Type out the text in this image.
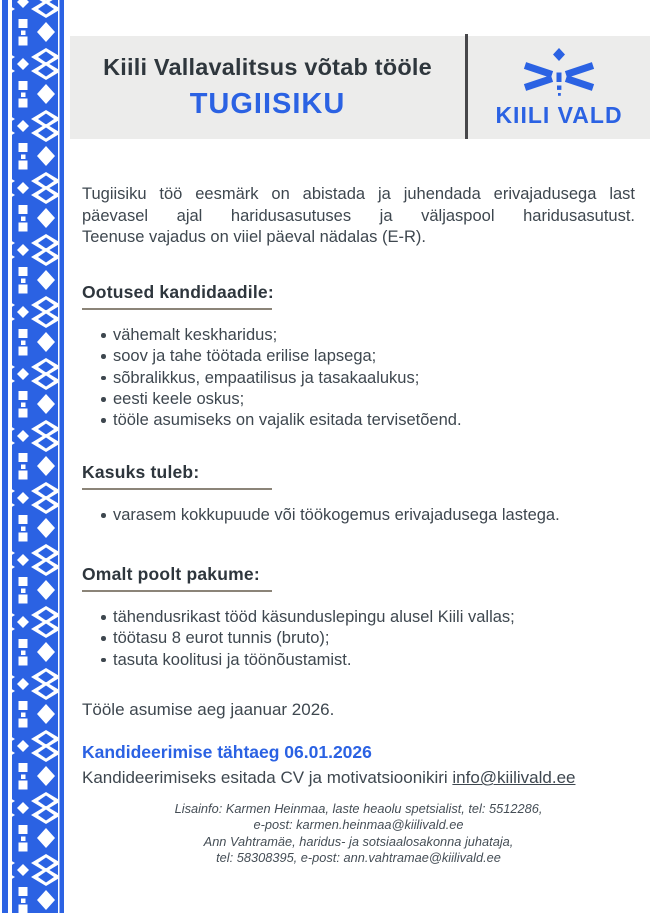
Kiili Vallavalitsus võtab tööle
TUGIISIKU	KIILI VALD
Tugiisiku töö eesmärk on abistada ja juhendada erivajadusega last
päevasel ajal haridusasutuses ja väljaspool haridusasutust.
Teenuse vajadus on viiel päeval nädalas (E-R).
Ootused kandidaadile:
vähemalt keskharidus;
soov ja tahe töötada erilise lapsega;
sõbralikkus, empaatilisus ja tasakaalukus;
eesti keele oskus;
tööle asumiseks on vajalik esitada tervisetõend.
Kasuks tuleb:
varasem kokkupuude või töökogemus erivajadusega lastega.
Omalt poolt pakume:
tähendusrikast tööd käsunduslepingu alusel Kiili vallas;
töötasu 8 eurot tunnis (bruto);
tasuta koolitusi ja töönõustamist.
Tööle asumise aeg jaanuar 2026.
Kandideerimise tähtaeg 06.01.2026
Kandideerimiseks esitada CV ja motivatsioonikiri info@kiilivald.ee
Lisainfo: Karmen Heinmaa, laste heaolu spetsialist, tel: 5512286,
e-post: karmen.heinmaa@kiilivald.ee
Ann Vahtramäe, haridus- ja sotsiaalosakonna juhataja,
tel: 58308395, e-post: ann.vahtramae@kiilivald.ee
